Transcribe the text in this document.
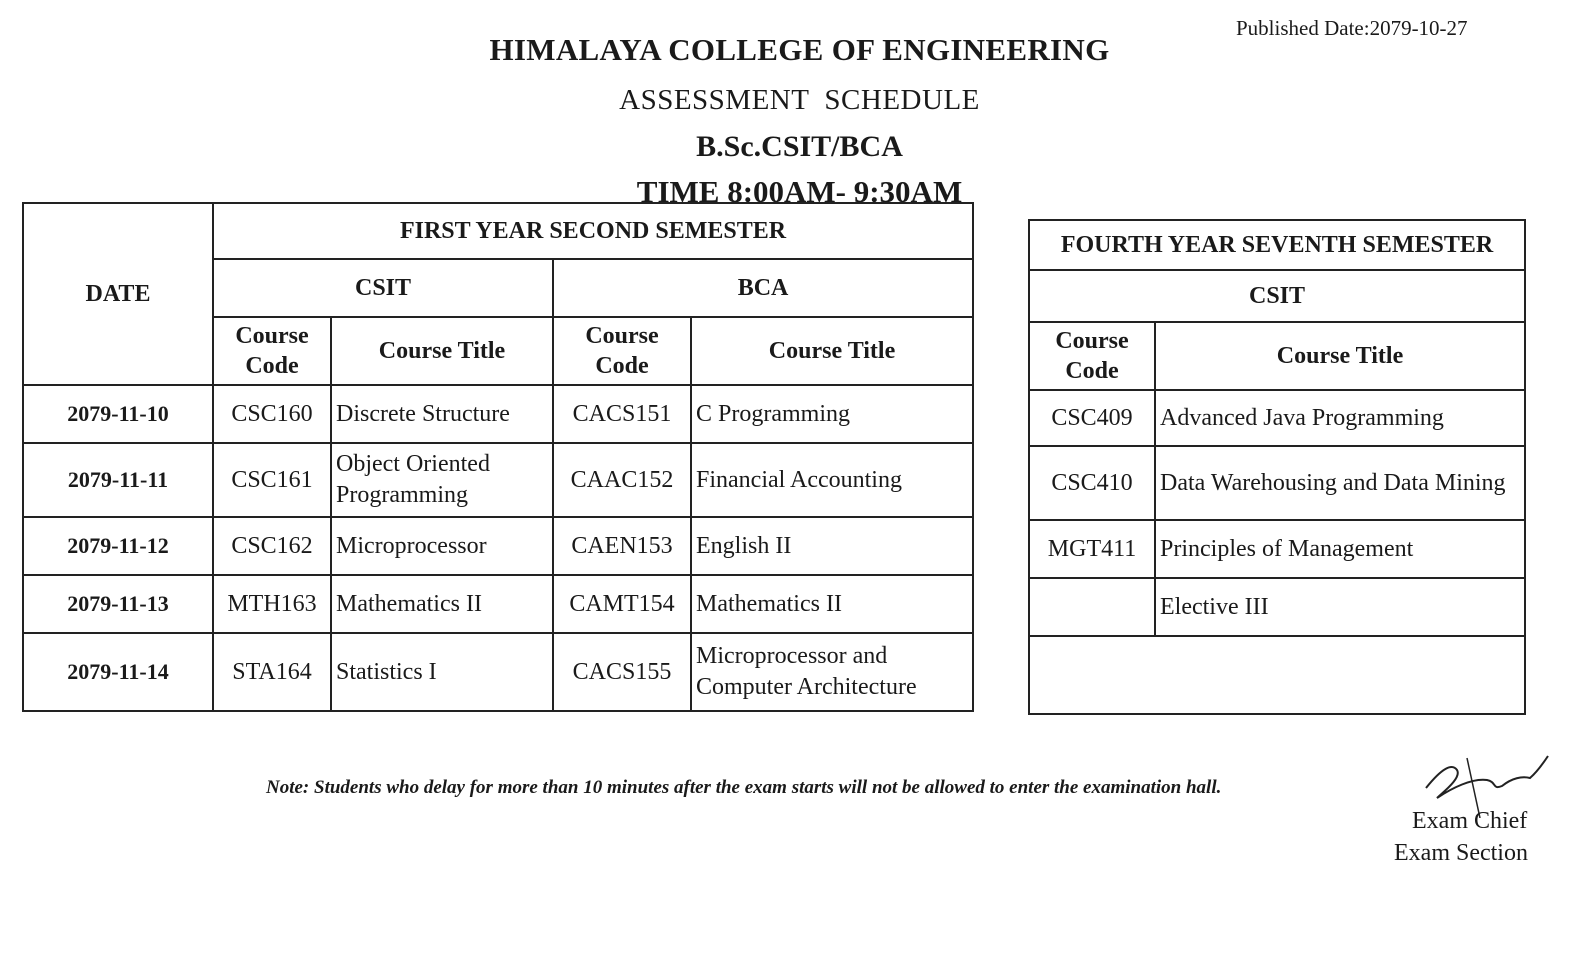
Published Date:2079-10-27
HIMALAYA COLLEGE OF ENGINEERING
ASSESSMENT  SCHEDULE
B.Sc.CSIT/BCA
TIME 8:00AM- 9:30AM
DATE	FIRST YEAR SECOND SEMESTER			
	CSIT		BCA	
	Course Code	Course Title	Course Code	Course Title
2079-11-10	CSC160	Discrete Structure	CACS151	C Programming
2079-11-11	CSC161	Object Oriented Programming	CAAC152	Financial Accounting
2079-11-12	CSC162	Microprocessor	CAEN153	English II
2079-11-13	MTH163	Mathematics II	CAMT154	Mathematics II
2079-11-14	STA164	Statistics I	CACS155	Microprocessor and Computer Architecture
FOURTH YEAR SEVENTH SEMESTER	
CSIT	
Course Code	Course Title
CSC409	Advanced Java Programming
CSC410	Data Warehousing and Data Mining
MGT411	Principles of Management
	Elective III

Note: Students who delay for more than 10 minutes after the exam starts will not be allowed to enter the examination hall.
Exam Chief
Exam Section
